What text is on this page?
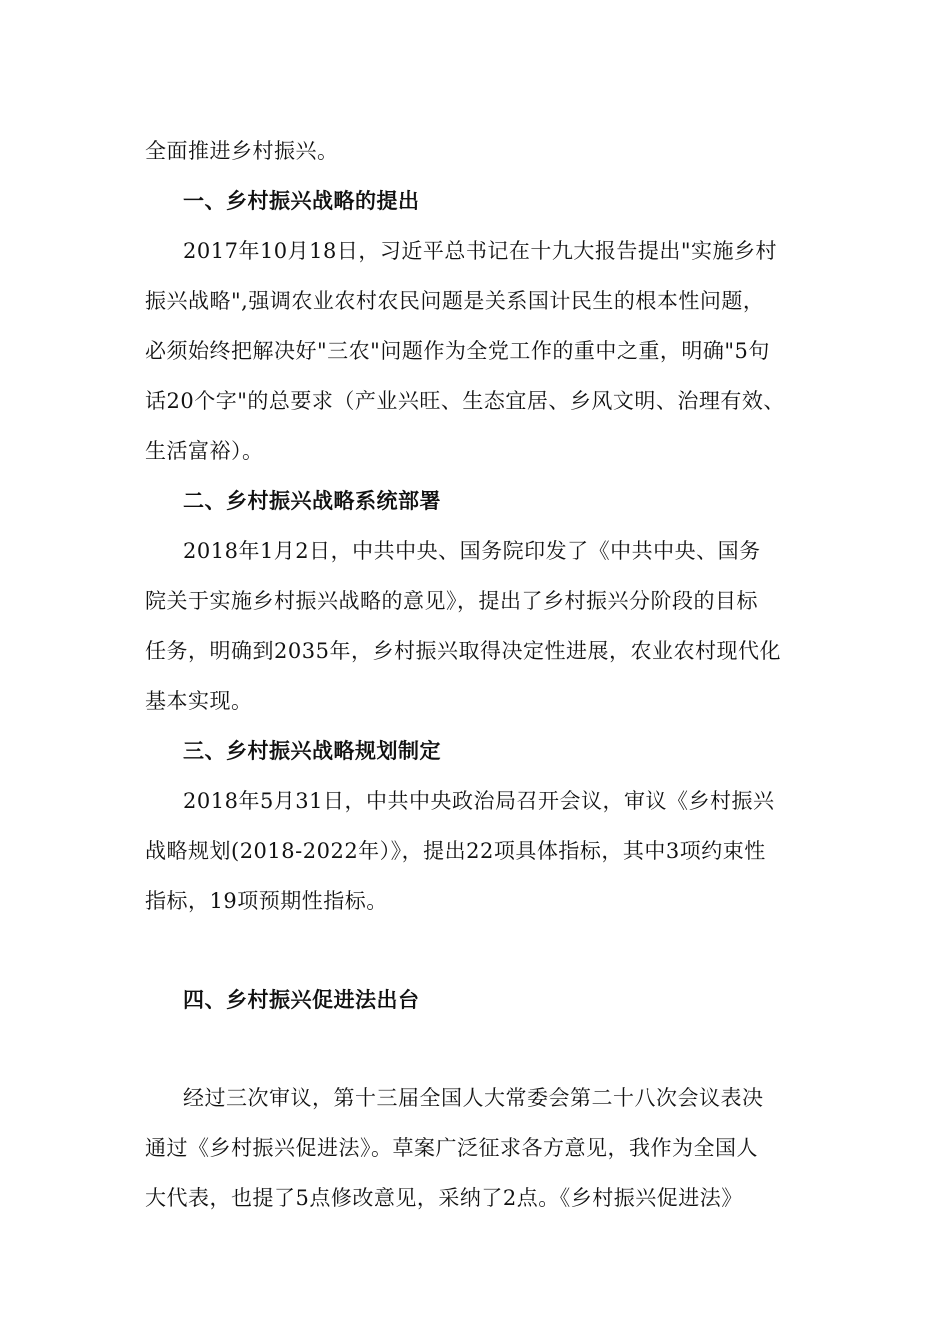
全面推进乡村振兴。
一、乡村振兴战略的提出
2017年10月18日，习近平总书记在十九大报告提出"实施乡村
振兴战略",强调农业农村农民问题是关系国计民生的根本性问题，
必须始终把解决好"三农"问题作为全党工作的重中之重，明确"5句
话20个字"的总要求（产业兴旺、生态宜居、乡风文明、治理有效、
生活富裕）。
二、乡村振兴战略系统部署
2018年1月2日，中共中央、国务院印发了《中共中央、国务
院关于实施乡村振兴战略的意见》，提出了乡村振兴分阶段的目标
任务，明确到2035年，乡村振兴取得决定性进展，农业农村现代化
基本实现。
三、乡村振兴战略规划制定
2018年5月31日，中共中央政治局召开会议，审议《乡村振兴
战略规划(2018-2022年）》，提出22项具体指标，其中3项约束性
指标，19项预期性指标。
四、乡村振兴促进法出台
经过三次审议，第十三届全国人大常委会第二十八次会议表决
通过《乡村振兴促进法》。草案广泛征求各方意见，我作为全国人
大代表，也提了5点修改意见，采纳了2点。《乡村振兴促进法》
